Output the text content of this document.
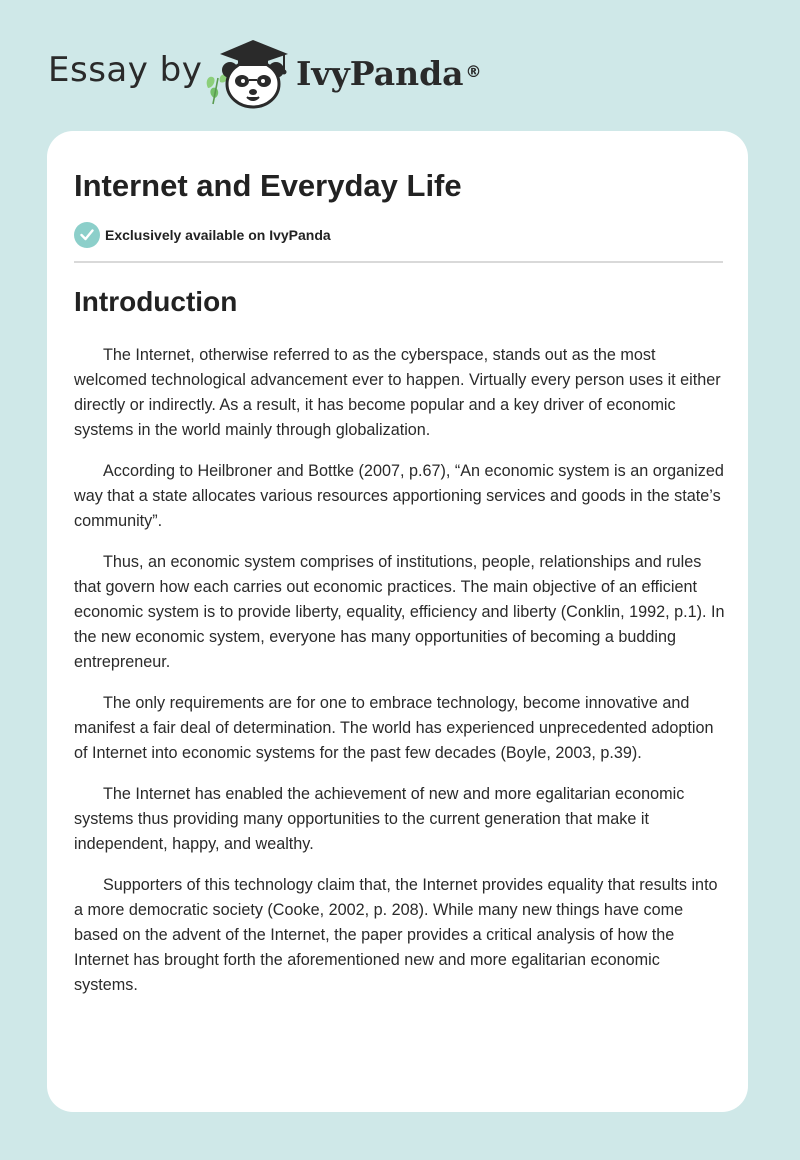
Essay by	IvyPanda ®
Internet and Everyday Life
Exclusively available on IvyPanda
Introduction

The Internet, otherwise referred to as the cyberspace, stands out as the most welcomed technological advancement ever to happen. Virtually every person uses it either directly or indirectly. As a result, it has become popular and a key driver of economic systems in the world mainly through globalization.

According to Heilbroner and Bottke (2007, p.67), “An economic system is an organized way that a state allocates various resources apportioning services and goods in the state’s community”.

Thus, an economic system comprises of institutions, people, relationships and rules that govern how each carries out economic practices. The main objective of an efficient economic system is to provide liberty, equality, efficiency and liberty (Conklin, 1992, p.1). In the new economic system, everyone has many opportunities of becoming a budding entrepreneur.

The only requirements are for one to embrace technology, become innovative and manifest a fair deal of determination. The world has experienced unprecedented adoption of Internet into economic systems for the past few decades (Boyle, 2003, p.39).

The Internet has enabled the achievement of new and more egalitarian economic systems thus providing many opportunities to the current generation that make it independent, happy, and wealthy.

Supporters of this technology claim that, the Internet provides equality that results into a more democratic society (Cooke, 2002, p. 208). While many new things have come based on the advent of the Internet, the paper provides a critical analysis of how the Internet has brought forth the aforementioned new and more egalitarian economic systems.
